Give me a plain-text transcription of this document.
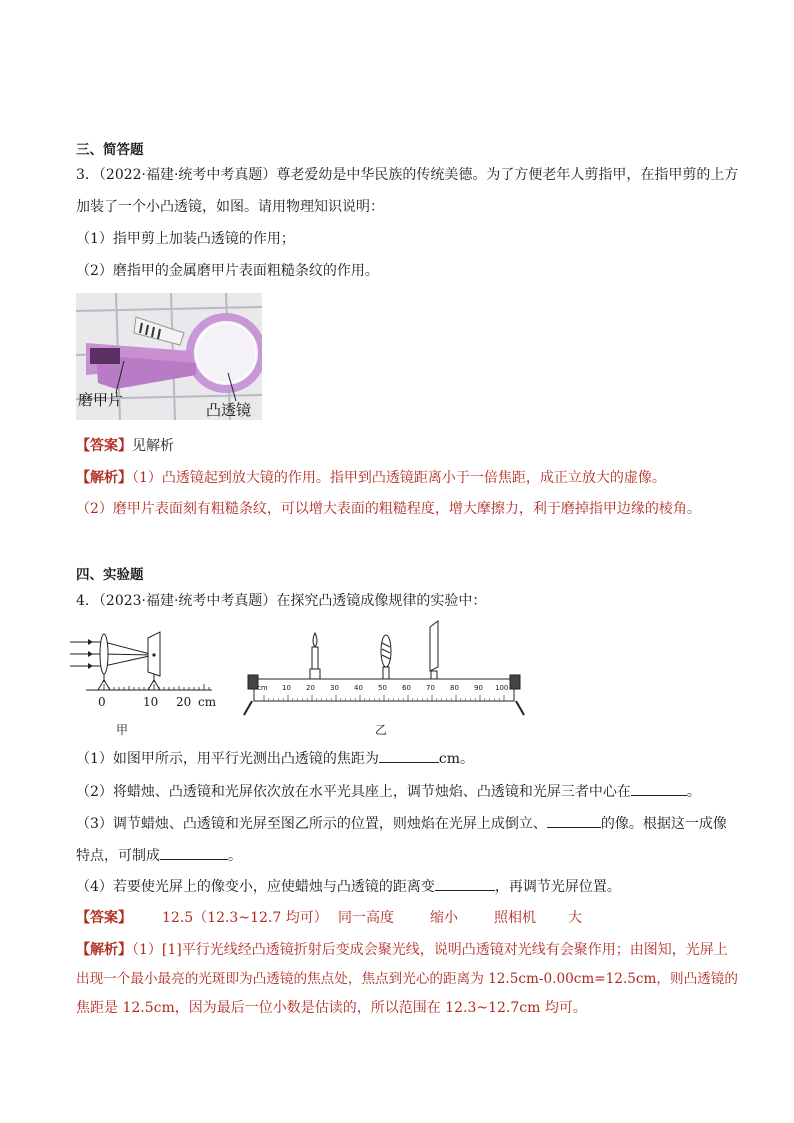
三、简答题
3．（2022·福建·统考中考真题）尊老爱幼是中华民族的传统美德。为了方便老年人剪指甲，在指甲剪的上方
加装了一个小凸透镜，如图。请用物理知识说明：
（1）指甲剪上加装凸透镜的作用；
（2）磨指甲的金属磨甲片表面粗糙条纹的作用。
磨甲片
凸透镜
【答案】见解析
【解析】（1）凸透镜起到放大镜的作用。指甲到凸透镜距离小于一倍焦距，成正立放大的虚像。
（2）磨甲片表面刻有粗糙条纹，可以增大表面的粗糙程度，增大摩擦力，利于磨掉指甲边缘的棱角。
四、实验题
4．（2023·福建·统考中考真题）在探究凸透镜成像规律的实验中：
0	10 20 cm
甲
cm 10 20 30 40 50 60 70 80 90 100
乙
（1）如图甲所示，用平行光测出凸透镜的焦距为	cm。
（2）将蜡烛、凸透镜和光屏依次放在水平光具座上，调节烛焰、凸透镜和光屏三者中心在	。
（3）调节蜡烛、凸透镜和光屏至图乙所示的位置，则烛焰在光屏上成倒立、	的像。根据这一成像
特点，可制成	。
（4）若要使光屏上的像变小，应使蜡烛与凸透镜的距离变	，再调节光屏位置。
【答案】 12.5（12.3~12.7 均可） 同一高度	缩小	照相机 大
【解析】（1）[1]平行光线经凸透镜折射后变成会聚光线，说明凸透镜对光线有会聚作用；由图知，光屏上
出现一个最小最亮的光斑即为凸透镜的焦点处，焦点到光心的距离为 12.5cm-0.00cm=12.5cm，则凸透镜的
焦距是 12.5cm，因为最后一位小数是估读的，所以范围在 12.3~12.7cm 均可。
